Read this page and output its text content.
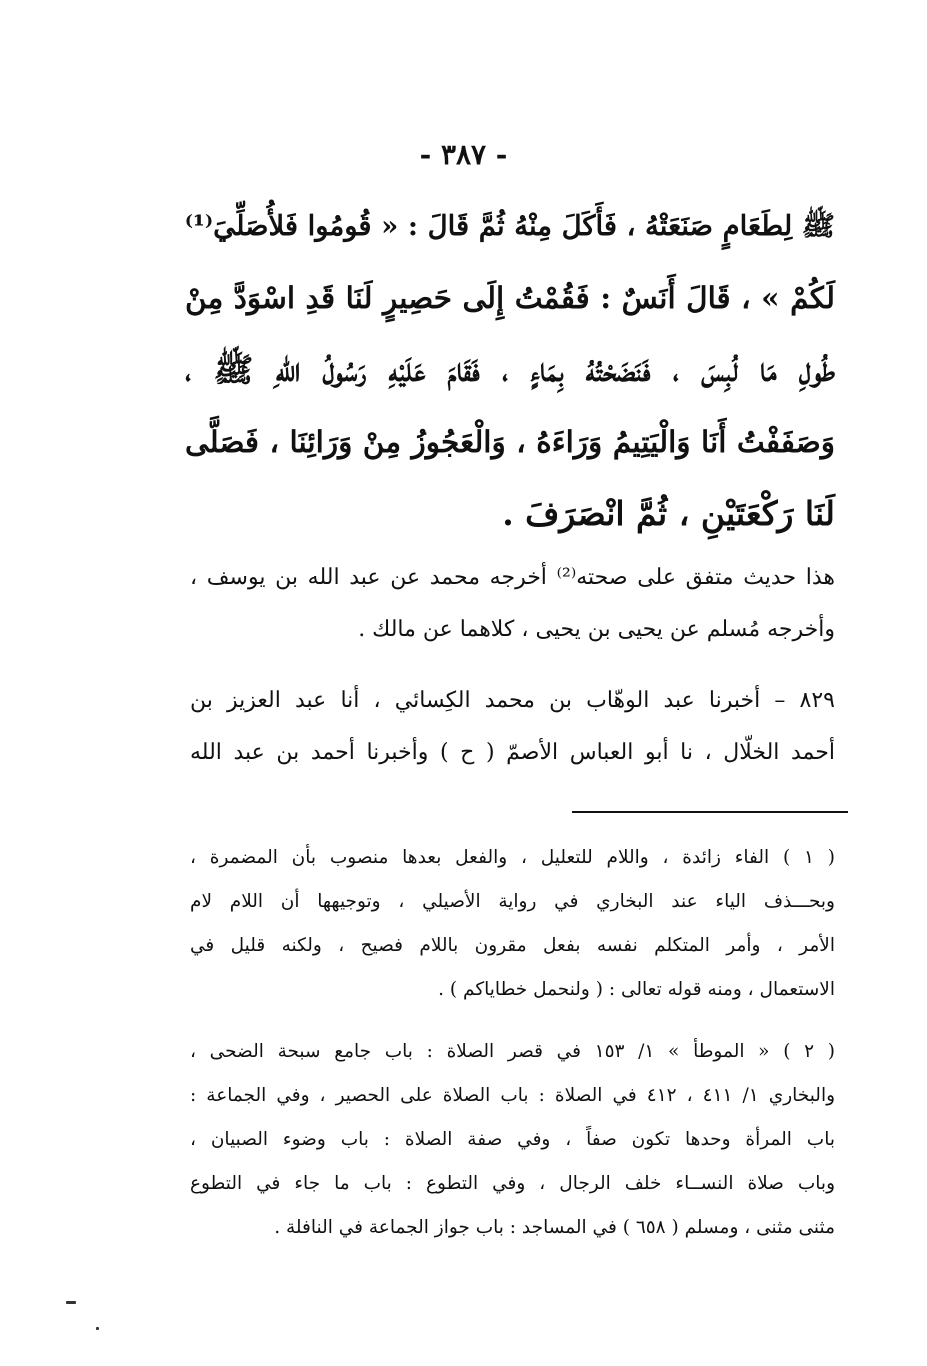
- ٣٨٧ -
ﷺ لِطَعَامٍ صَنَعَتْهُ ، فَأَكَلَ مِنْهُ ثُمَّ قَالَ : « قُومُوا فَلأُصَلِّيَ⁽¹⁾
لَكُمْ » ، قَالَ أَنَسٌ : فَقُمْتُ إِلَى حَصِيرٍ لَنَا قَدِ اسْوَدَّ مِنْ
طُولِ مَا لُبِسَ ، فَنَضَحْتُهُ بِمَاءٍ ، فَقَامَ عَلَيْهِ رَسُولُ اللهِ ﷺ ،
وَصَفَفْتُ أَنَا وَالْيَتِيمُ وَرَاءَهُ ، وَالْعَجُوزُ مِنْ وَرَائِنَا ، فَصَلَّى
لَنَا رَكْعَتَيْنِ ، ثُمَّ انْصَرَفَ .
هذا حديث متفق على صحته⁽²⁾ أخرجه محمد عن عبد الله بن يوسف ،
وأخرجه مُسلم عن يحيى بن يحيى ، كلاهما عن مالك .
٨٢٩ – أخبرنا عبد الوهّاب بن محمد الكِسائي ، أنا عبد العزيز بن
أحمد الخلّال ، نا أبو العباس الأصمّ ( ح ) وأخبرنا أحمد بن عبد الله
( ١ ) الفاء زائدة ، واللام للتعليل ، والفعل بعدها منصوب بأن المضمرة ،
وبحـــذف الياء عند البخاري في رواية الأصيلي ، وتوجيهها أن اللام لام
الأمر ، وأمر المتكلم نفسه بفعل مقرون باللام فصيح ، ولكنه قليل في
الاستعمال ، ومنه قوله تعالى : ( ولنحمل خطاياكم ) .
( ٢ ) « الموطأ » ١/ ١٥٣ في قصر الصلاة : باب جامع سبحة الضحى ،
والبخاري ١/ ٤١١ ، ٤١٢ في الصلاة : باب الصلاة على الحصير ، وفي الجماعة :
باب المرأة وحدها تكون صفاً ، وفي صفة الصلاة : باب وضوء الصبيان ،
وباب صلاة النســاء خلف الرجال ، وفي التطوع : باب ما جاء في التطوع
مثنى مثنى ، ومسلم ( ٦٥٨ ) في المساجد : باب جواز الجماعة في النافلة .
